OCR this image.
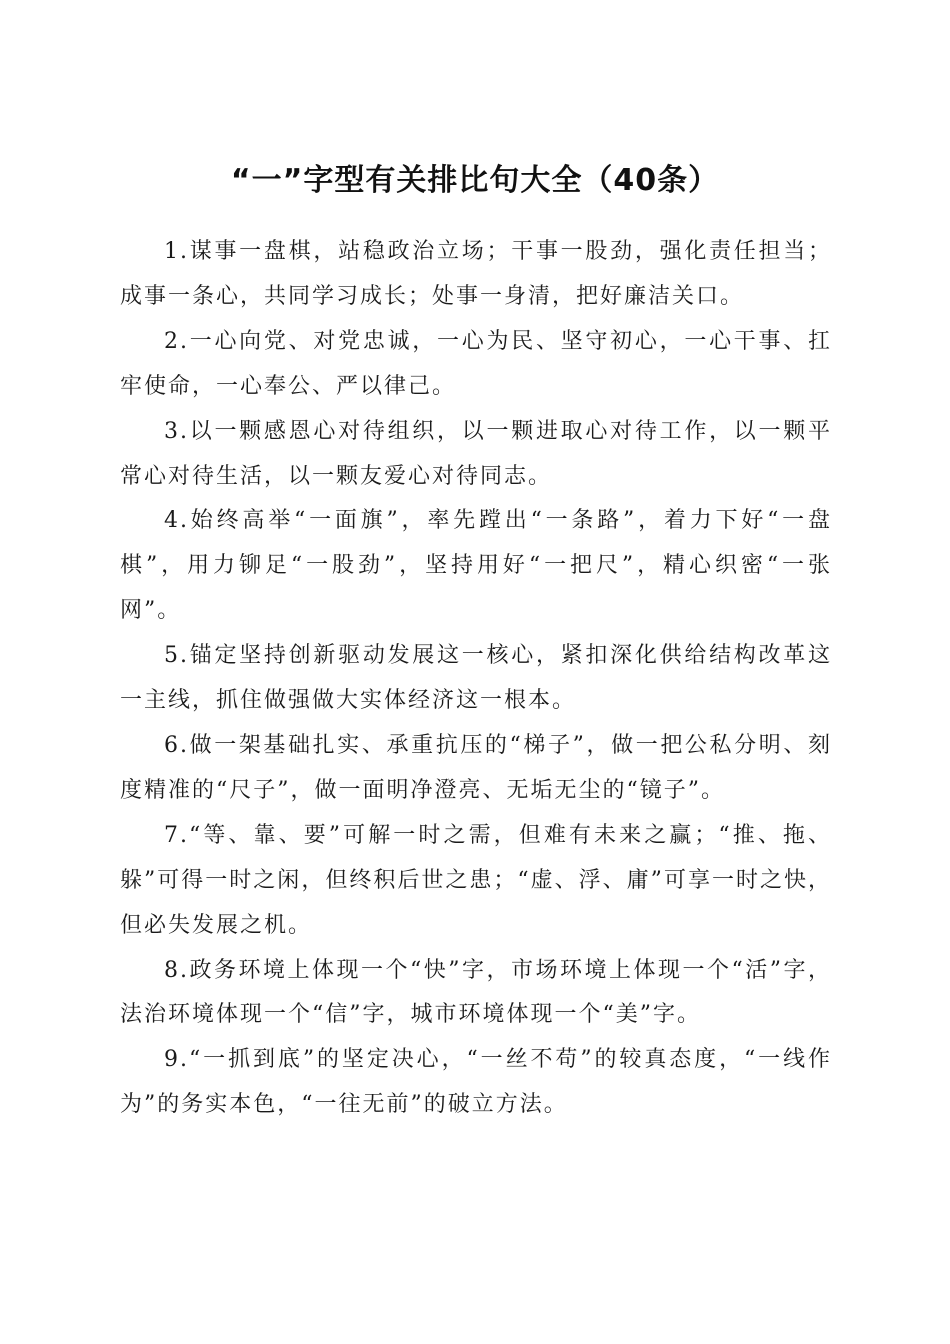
“一”字型有关排比句大全（40条）

1.谋事一盘棋，站稳政治立场；干事一股劲，强化责任担当；成事一条心，共同学习成长；处事一身清，把好廉洁关口。

2.一心向党、对党忠诚，一心为民、坚守初心，一心干事、扛牢使命，一心奉公、严以律己。

3.以一颗感恩心对待组织，以一颗进取心对待工作，以一颗平常心对待生活，以一颗友爱心对待同志。

4.始终高举“一面旗”，率先蹚出“一条路”，着力下好“一盘棋”，用力铆足“一股劲”，坚持用好“一把尺”，精心织密“一张网”。

5.锚定坚持创新驱动发展这一核心，紧扣深化供给结构改革这一主线，抓住做强做大实体经济这一根本。

6.做一架基础扎实、承重抗压的“梯子”，做一把公私分明、刻度精准的“尺子”，做一面明净澄亮、无垢无尘的“镜子”。

7.“等、靠、要”可解一时之需，但难有未来之赢；“推、拖、躲”可得一时之闲，但终积后世之患；“虚、浮、庸”可享一时之快，但必失发展之机。

8.政务环境上体现一个“快”字，市场环境上体现一个“活”字，法治环境体现一个“信”字，城市环境体现一个“美”字。

9.“一抓到底”的坚定决心，“一丝不苟”的较真态度，“一线作为”的务实本色，“一往无前”的破立方法。
